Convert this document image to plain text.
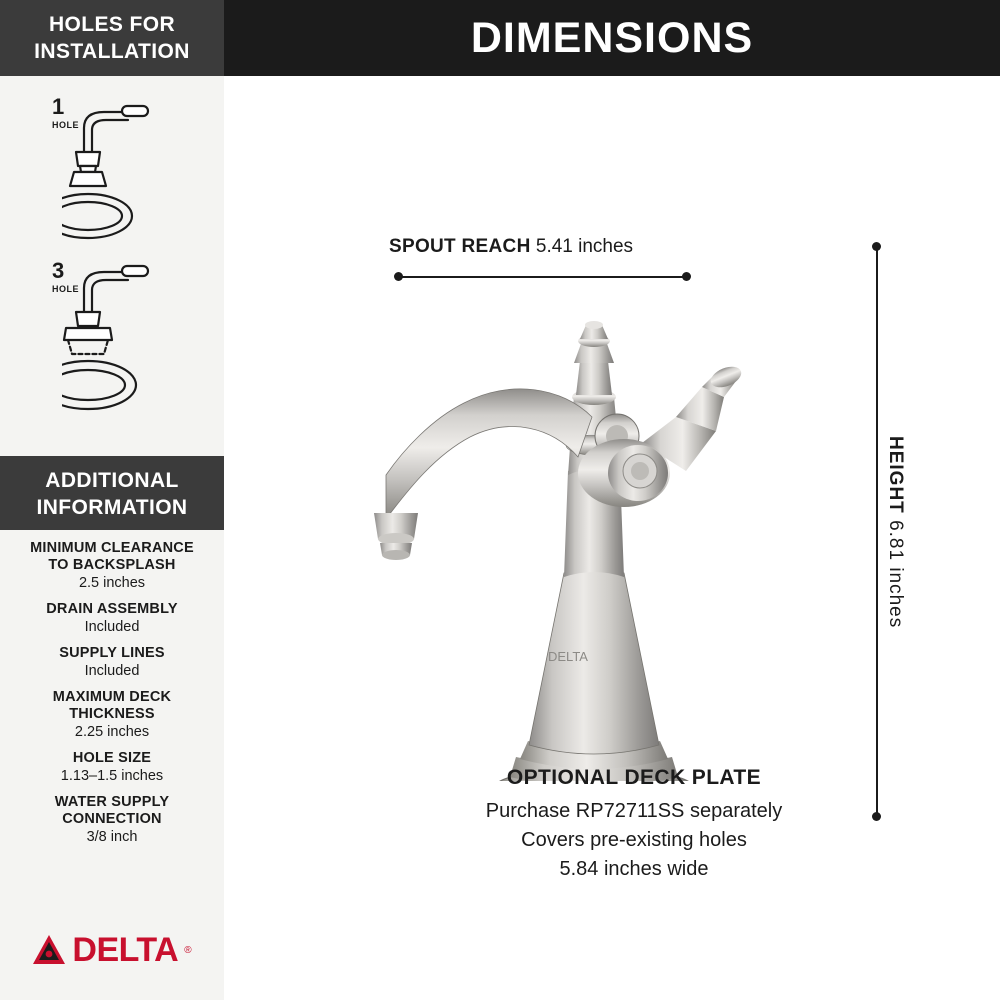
HOLES FOR
INSTALLATION
1
HOLE
3
HOLE
ADDITIONAL
INFORMATION
MINIMUM CLEARANCE
TO BACKSPLASH
2.5 inches
DRAIN ASSEMBLY
Included
SUPPLY LINES
Included
MAXIMUM DECK
THICKNESS
2.25 inches
HOLE SIZE
1.13–1.5 inches
WATER SUPPLY
CONNECTION
3/8 inch
DELTA ®
DIMENSIONS
SPOUT REACH 5.41 inches
HEIGHT 6.81 inches
DELTA
OPTIONAL DECK PLATE
Purchase RP72711SS separately
Covers pre-existing holes
5.84 inches wide
